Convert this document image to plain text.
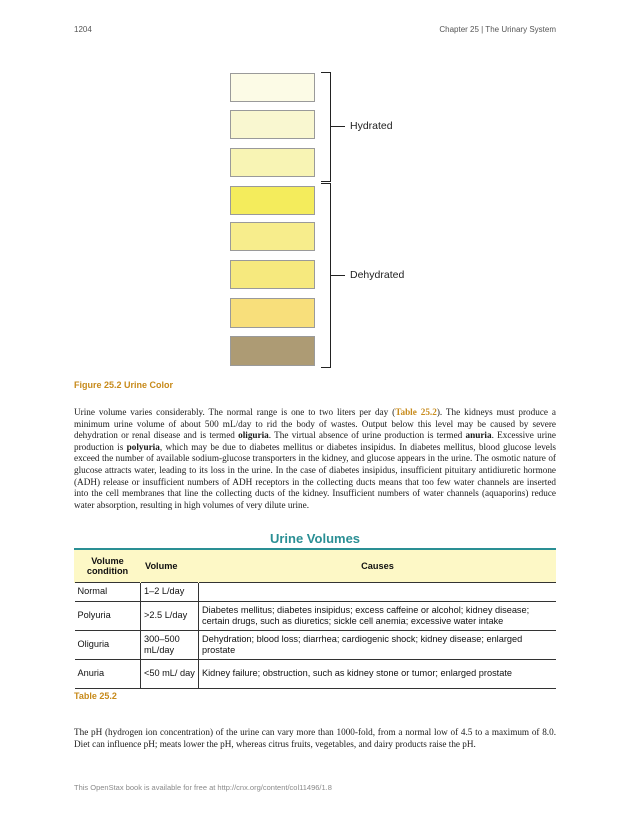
1204	Chapter 25 | The Urinary System
Hydrated
Dehydrated
Figure 25.2 Urine Color
Urine volume varies considerably. The normal range is one to two liters per day (Table 25.2). The kidneys must produce a minimum urine volume of about 500 mL/day to rid the body of wastes. Output below this level may be caused by severe dehydration or renal disease and is termed oliguria. The virtual absence of urine production is termed anuria. Excessive urine production is polyuria, which may be due to diabetes mellitus or diabetes insipidus. In diabetes mellitus, blood glucose levels exceed the number of available sodium-glucose transporters in the kidney, and glucose appears in the urine. The osmotic nature of glucose attracts water, leading to its loss in the urine. In the case of diabetes insipidus, insufficient pituitary antidiuretic hormone (ADH) release or insufficient numbers of ADH receptors in the collecting ducts means that too few water channels are inserted into the cell membranes that line the collecting ducts of the kidney. Insufficient numbers of water channels (aquaporins) reduce water absorption, resulting in high volumes of very dilute urine.
Urine Volumes
Volume condition	Volume	Causes
Normal	1–2 L/day	
Polyuria	>2.5 L/day	Diabetes mellitus; diabetes insipidus; excess caffeine or alcohol; kidney disease; certain drugs, such as diuretics; sickle cell anemia; excessive water intake
Oliguria	300–500 mL/day	Dehydration; blood loss; diarrhea; cardiogenic shock; kidney disease; enlarged prostate
Anuria	<50 mL/ day	Kidney failure; obstruction, such as kidney stone or tumor; enlarged prostate
Table 25.2
The pH (hydrogen ion concentration) of the urine can vary more than 1000-fold, from a normal low of 4.5 to a maximum of 8.0. Diet can influence pH; meats lower the pH, whereas citrus fruits, vegetables, and dairy products raise the pH.
This OpenStax book is available for free at http://cnx.org/content/col11496/1.8
